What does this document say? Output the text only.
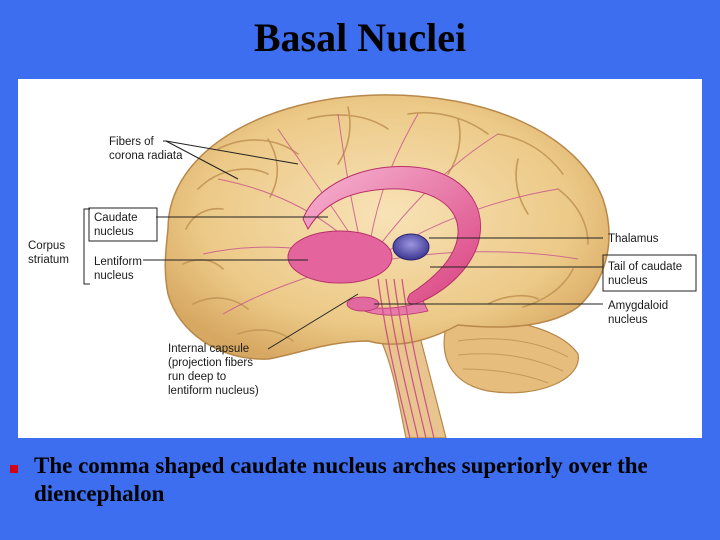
Basal Nuclei
Fibers of
corona radiata
Caudate
nucleus
Corpus
striatum Lentiform
nucleus
Internal capsule
(projection fibers
run deep to
lentiform nucleus)
Thalamus
Tail of caudate
nucleus
Amygdaloid
nucleus
The comma shaped caudate nucleus arches superiorly over the diencephalon
